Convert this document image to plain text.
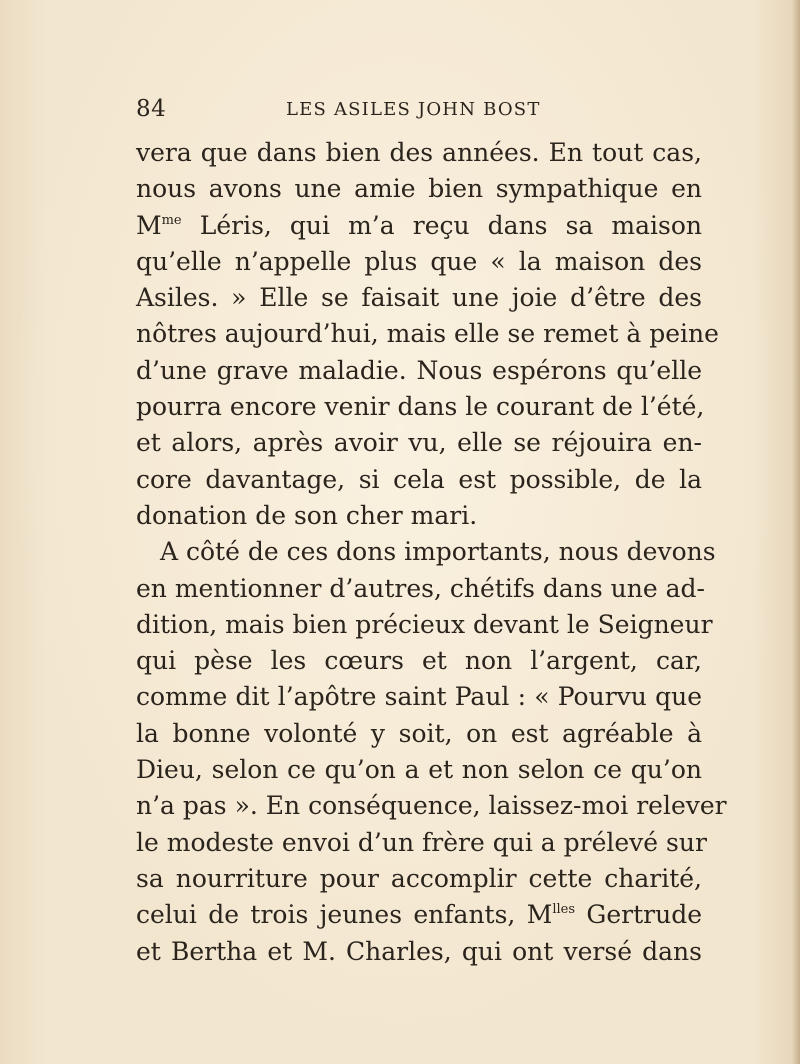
84	LES ASILES JOHN BOST
vera que dans bien des années. En tout cas,
nous avons une amie bien sympathique en
$M^{me}$ Léris, qui m’a reçu dans sa maison
qu’elle n’appelle plus que « la maison des
Asiles. » Elle se faisait une joie d’être des
nôtres aujourd’hui, mais elle se remet à peine
d’une grave maladie. Nous espérons qu’elle
pourra encore venir dans le courant de l’été,
et alors, après avoir vu, elle se réjouira en-
core davantage, si cela est possible, de la
donation de son cher mari.
A côté de ces dons importants, nous devons
en mentionner d’autres, chétifs dans une ad-
dition, mais bien précieux devant le Seigneur
qui pèse les cœurs et non l’argent, car,
comme dit l’apôtre saint Paul : « Pourvu que
la bonne volonté y soit, on est agréable à
Dieu, selon ce qu’on a et non selon ce qu’on
n’a pas ». En conséquence, laissez-moi relever
le modeste envoi d’un frère qui a prélevé sur
sa nourriture pour accomplir cette charité,
celui de trois jeunes enfants, $M^{lles}$ Gertrude
et Bertha et M. Charles, qui ont versé dans
